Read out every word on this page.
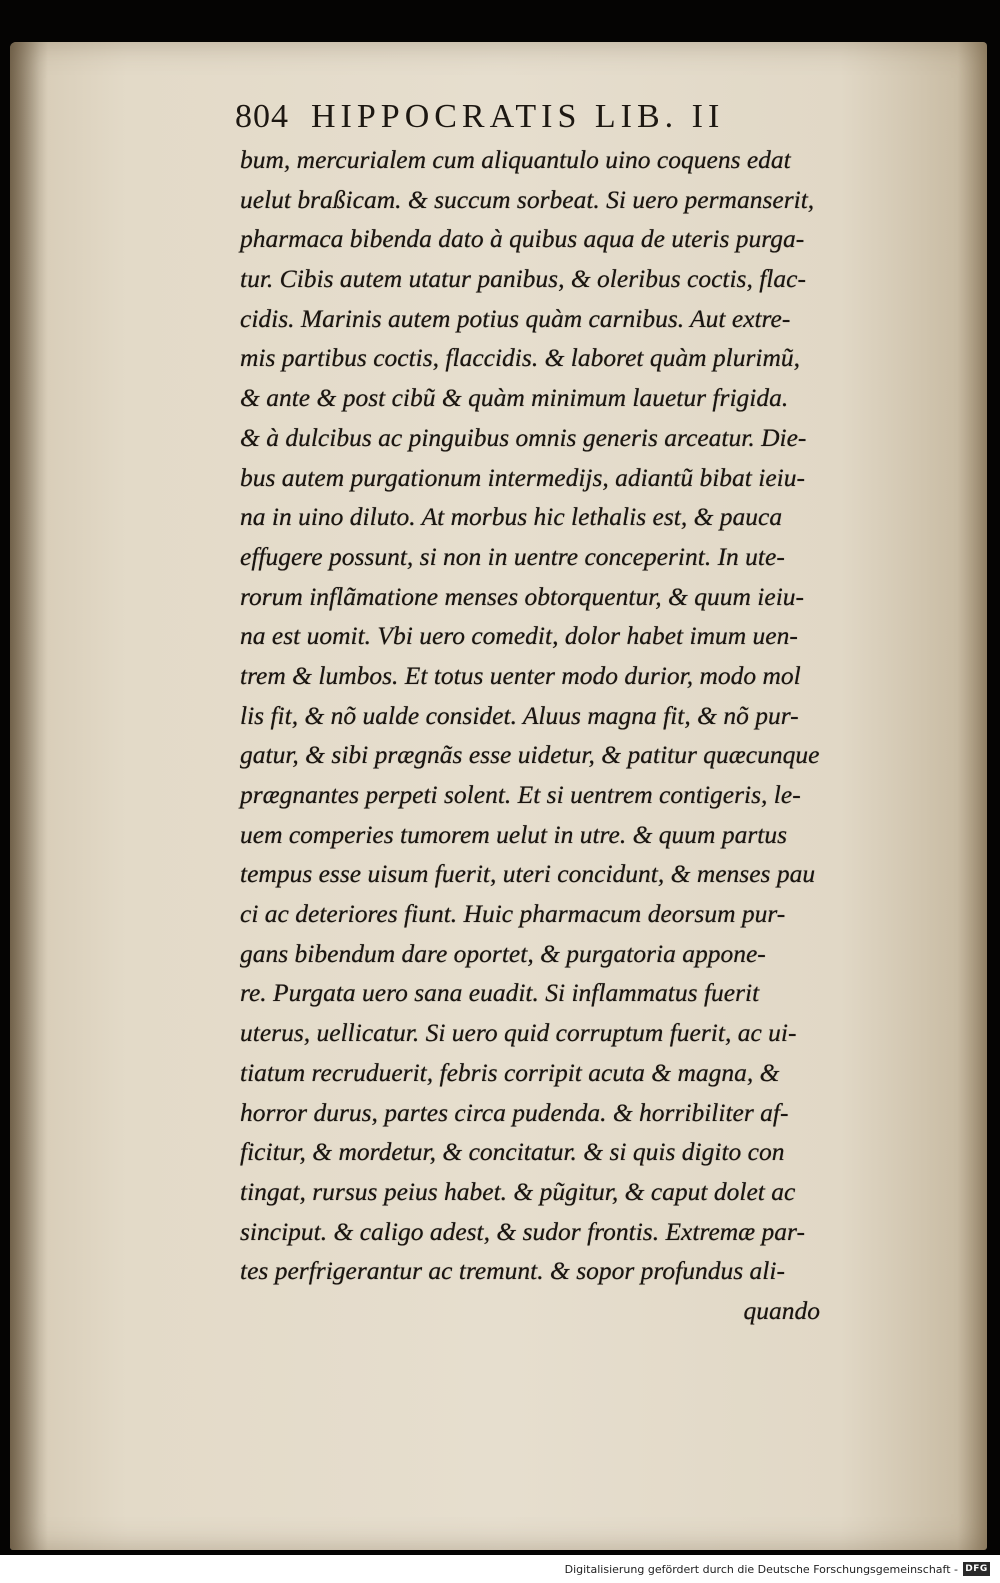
804 HIPPOCRATIS LIB. II
bum, mercurialem cum aliquantulo uino coquens edat
uelut braßicam. & succum sorbeat. Si uero permanserit,
pharmaca bibenda dato à quibus aqua de uteris purga-
tur. Cibis autem utatur panibus, & oleribus coctis, flac-
cidis. Marinis autem potius quàm carnibus. Aut extre-
mis partibus coctis, flaccidis. & laboret quàm plurimũ,
& ante & post cibũ & quàm minimum lauetur frigida.
& à dulcibus ac pinguibus omnis generis arceatur. Die-
bus autem purgationum intermedijs, adiantũ bibat ieiu-
na in uino diluto. At morbus hic lethalis est, & pauca
effugere possunt, si non in uentre conceperint. In ute-
rorum inflãmatione menses obtorquentur, & quum ieiu-
na est uomit. Vbi uero comedit, dolor habet imum uen-
trem & lumbos. Et totus uenter modo durior, modo mol
lis fit, & nõ ualde considet. Aluus magna fit, & nõ pur-
gatur, & sibi prægnãs esse uidetur, & patitur quæcunque
prægnantes perpeti solent. Et si uentrem contigeris, le-
uem comperies tumorem uelut in utre. & quum partus
tempus esse uisum fuerit, uteri concidunt, & menses pau
ci ac deteriores fiunt. Huic pharmacum deorsum pur-
gans bibendum dare oportet, & purgatoria appone-
re. Purgata uero sana euadit. Si inflammatus fuerit
uterus, uellicatur. Si uero quid corruptum fuerit, ac ui-
tiatum recruduerit, febris corripit acuta & magna, &
horror durus, partes circa pudenda. & horribiliter af-
ficitur, & mordetur, & concitatur. & si quis digito con
tingat, rursus peius habet. & pũgitur, & caput dolet ac
sinciput. & caligo adest, & sudor frontis. Extremæ par-
tes perfrigerantur ac tremunt. & sopor profundus ali-
quando
Digitalisierung gefördert durch die Deutsche Forschungsgemeinschaft - DFG
